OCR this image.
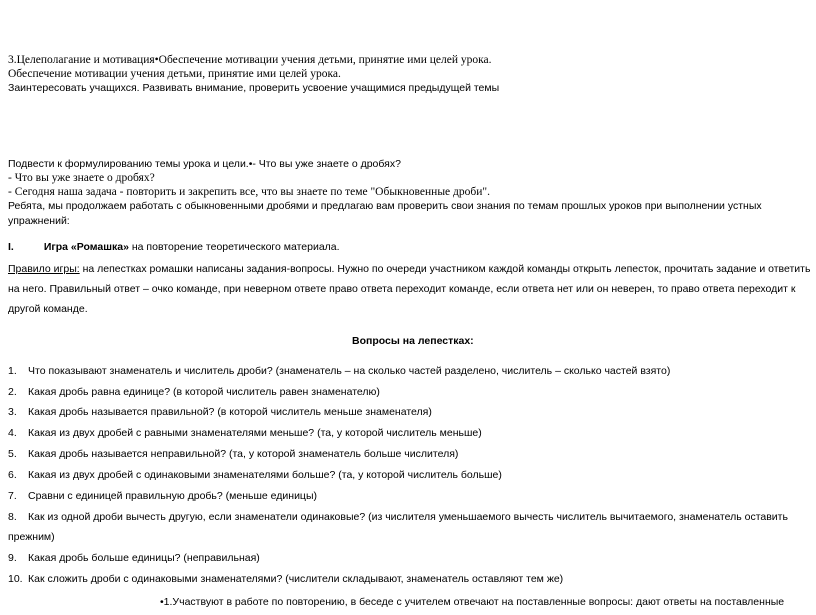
3.Целеполагание и мотивация•Обеспечение мотивации учения детьми, принятие ими целей урока.
Обеспечение мотивации учения детьми, принятие ими целей урока.
Заинтересовать учащихся. Развивать внимание, проверить усвоение учащимися предыдущей темы
Подвести к формулированию темы урока и цели.•- Что вы уже знаете о дробях?
- Что вы уже знаете о дробях?
- Сегодня наша задача - повторить и закрепить все, что вы знаете по теме "Обыкновенные дроби".
Ребята, мы продолжаем работать с обыкновенными дробями и предлагаю вам проверить свои знания по темам прошлых уроков при выполнении устных
упражнений:
I.	Игра «Ромашка» на повторение теоретического материала.
Правило игры: на лепестках ромашки написаны задания-вопросы. Нужно по очереди участником каждой команды открыть лепесток, прочитать задание и ответить
на него. Правильный ответ – очко команде, при неверном ответе право ответа переходит команде, если ответа нет или он неверен, то право ответа переходит к
другой команде.
Вопросы на лепестках:
1. Что показывают знаменатель и числитель дроби? (знаменатель – на сколько частей разделено, числитель – сколько частей взято)
2. Какая дробь равна единице? (в которой числитель равен знаменателю)
3. Какая дробь называется правильной? (в которой числитель меньше знаменателя)
4. Какая из двух дробей с равными знаменателями меньше? (та, у которой числитель меньше)
5. Какая дробь называется неправильной? (та, у которой знаменатель больше числителя)
6. Какая из двух дробей с одинаковыми знаменателями больше? (та, у которой числитель больше)
7. Сравни с единицей правильную дробь? (меньше единицы)
8. Как из одной дроби вычесть другую, если знаменатели одинаковые? (из числителя уменьшаемого вычесть числитель вычитаемого, знаменатель оставить
прежним)
9. Какая дробь больше единицы? (неправильная)
10. Как сложить дроби с одинаковыми знаменателями? (числители складывают, знаменатель оставляют тем же)
•1.Участвуют в работе по повторению, в беседе с учителем отвечают на поставленные вопросы: дают ответы на поставленные
